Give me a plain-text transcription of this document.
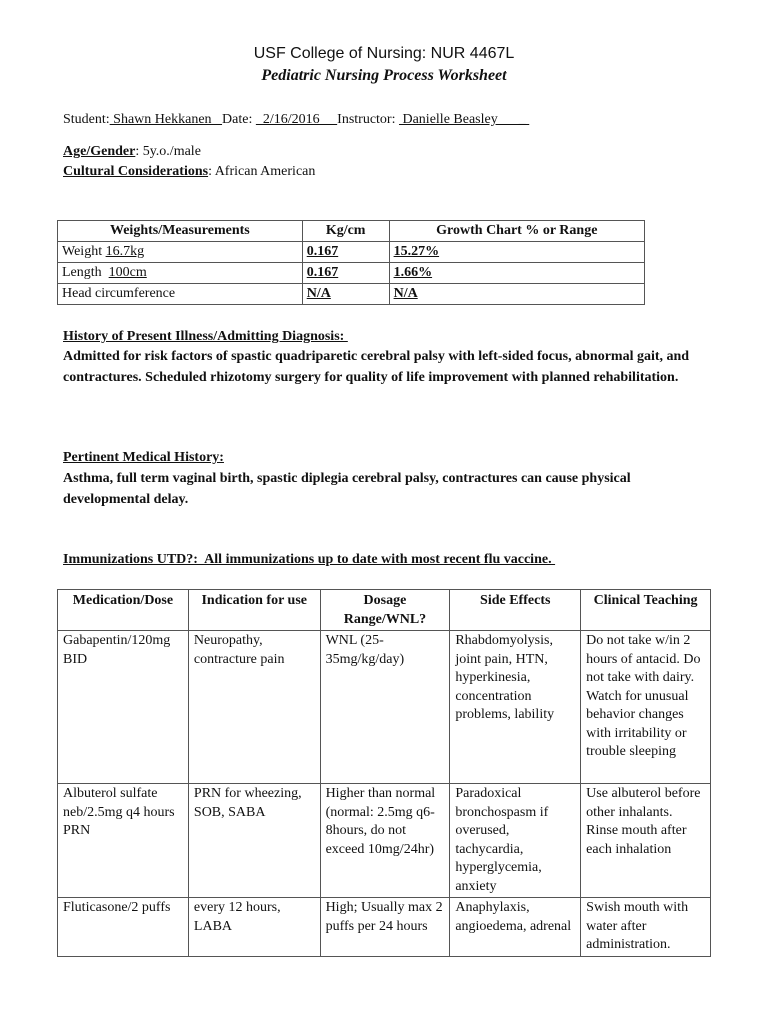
USF College of Nursing: NUR 4467L
Pediatric Nursing Process Worksheet
Student: Shawn Hekkanen   Date:   2/16/2016     Instructor:  Danielle Beasley      _
Age/Gender: 5y.o./male
Cultural Considerations: African American
Weights/Measurements	Kg/cm	Growth Chart % or Range
Weight 16.7kg	0.167	15.27%
Length  100cm	0.167	1.66%
Head circumference	N/A	N/A
History of Present Illness/Admitting Diagnosis:
Admitted for risk factors of spastic quadriparetic cerebral palsy with left-sided focus, abnormal gait, and contractures. Scheduled rhizotomy surgery for quality of life improvement with planned rehabilitation.
Pertinent Medical History:
Asthma, full term vaginal birth, spastic diplegia cerebral palsy, contractures can cause physical developmental delay.
Immunizations UTD?:  All immunizations up to date with most recent flu vaccine.
Medication/Dose	Indication for use	Dosage Range/WNL?	Side Effects	Clinical Teaching
Gabapentin/120mg BID	Neuropathy, contracture pain	WNL (25-35mg/kg/day)	Rhabdomyolysis, joint pain, HTN, hyperkinesia, concentration problems, lability	Do not take w/in 2 hours of antacid. Do not take with dairy. Watch for unusual behavior changes with irritability or trouble sleeping
Albuterol sulfate neb/2.5mg q4 hours PRN	PRN for wheezing, SOB, SABA	Higher than normal (normal: 2.5mg q6-8hours, do not exceed 10mg/24hr)	Paradoxical bronchospasm if overused, tachycardia, hyperglycemia, anxiety	Use albuterol before other inhalants. Rinse mouth after each inhalation
Fluticasone/2 puffs	every 12 hours, LABA	High; Usually max 2 puffs per 24 hours	Anaphylaxis, angioedema, adrenal	Swish mouth with water after administration.
